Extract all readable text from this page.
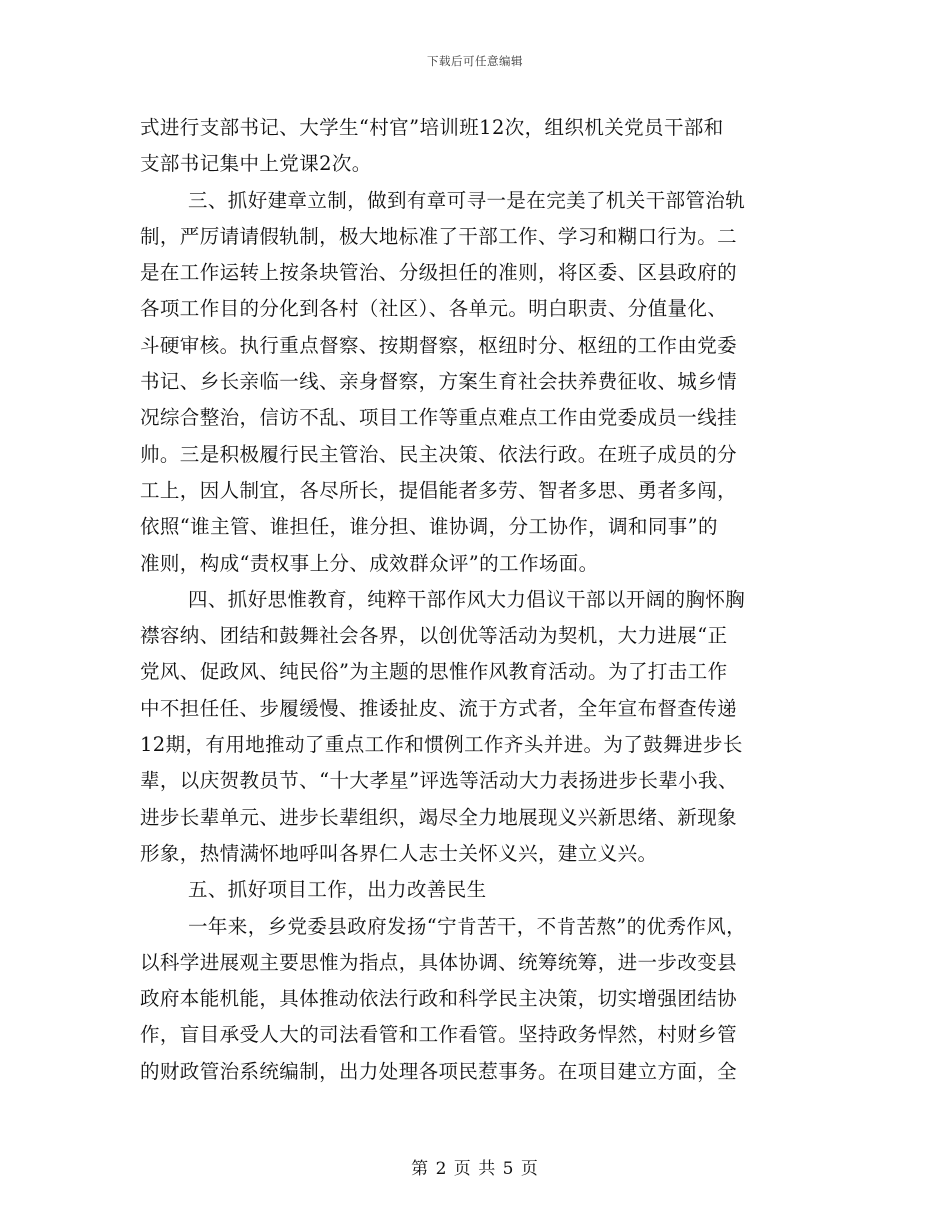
下载后可任意编辑
式进行支部书记、大学生“村官”培训班12次，组织机关党员干部和
支部书记集中上党课2次。
三、抓好建章立制，做到有章可寻一是在完美了机关干部管治轨
制，严厉请请假轨制，极大地标准了干部工作、学习和糊口行为。二
是在工作运转上按条块管治、分级担任的准则，将区委、区县政府的
各项工作目的分化到各村（社区）、各单元。明白职责、分值量化、
斗硬审核。执行重点督察、按期督察，枢纽时分、枢纽的工作由党委
书记、乡长亲临一线、亲身督察，方案生育社会扶养费征收、城乡情
况综合整治，信访不乱、项目工作等重点难点工作由党委成员一线挂
帅。三是积极履行民主管治、民主决策、依法行政。在班子成员的分
工上，因人制宜，各尽所长，提倡能者多劳、智者多思、勇者多闯，
依照“谁主管、谁担任，谁分担、谁协调，分工协作，调和同事”的
准则，构成“责权事上分、成效群众评”的工作场面。
四、抓好思惟教育，纯粹干部作风大力倡议干部以开阔的胸怀胸
襟容纳、团结和鼓舞社会各界，以创优等活动为契机，大力进展“正
党风、促政风、纯民俗”为主题的思惟作风教育活动。为了打击工作
中不担任任、步履缓慢、推诿扯皮、流于方式者，全年宣布督查传递
12期，有用地推动了重点工作和惯例工作齐头并进。为了鼓舞进步长
辈，以庆贺教员节、“十大孝星”评选等活动大力表扬进步长辈小我、
进步长辈单元、进步长辈组织，竭尽全力地展现义兴新思绪、新现象
形象，热情满怀地呼叫各界仁人志士关怀义兴，建立义兴。
五、抓好项目工作，出力改善民生
一年来，乡党委县政府发扬“宁肯苦干，不肯苦熬”的优秀作风，
以科学进展观主要思惟为指点，具体协调、统筹统筹，进一步改变县
政府本能机能，具体推动依法行政和科学民主决策，切实增强团结协
作，盲目承受人大的司法看管和工作看管。坚持政务悍然，村财乡管
的财政管治系统编制，出力处理各项民惹事务。在项目建立方面，全
第 2 页 共 5 页
